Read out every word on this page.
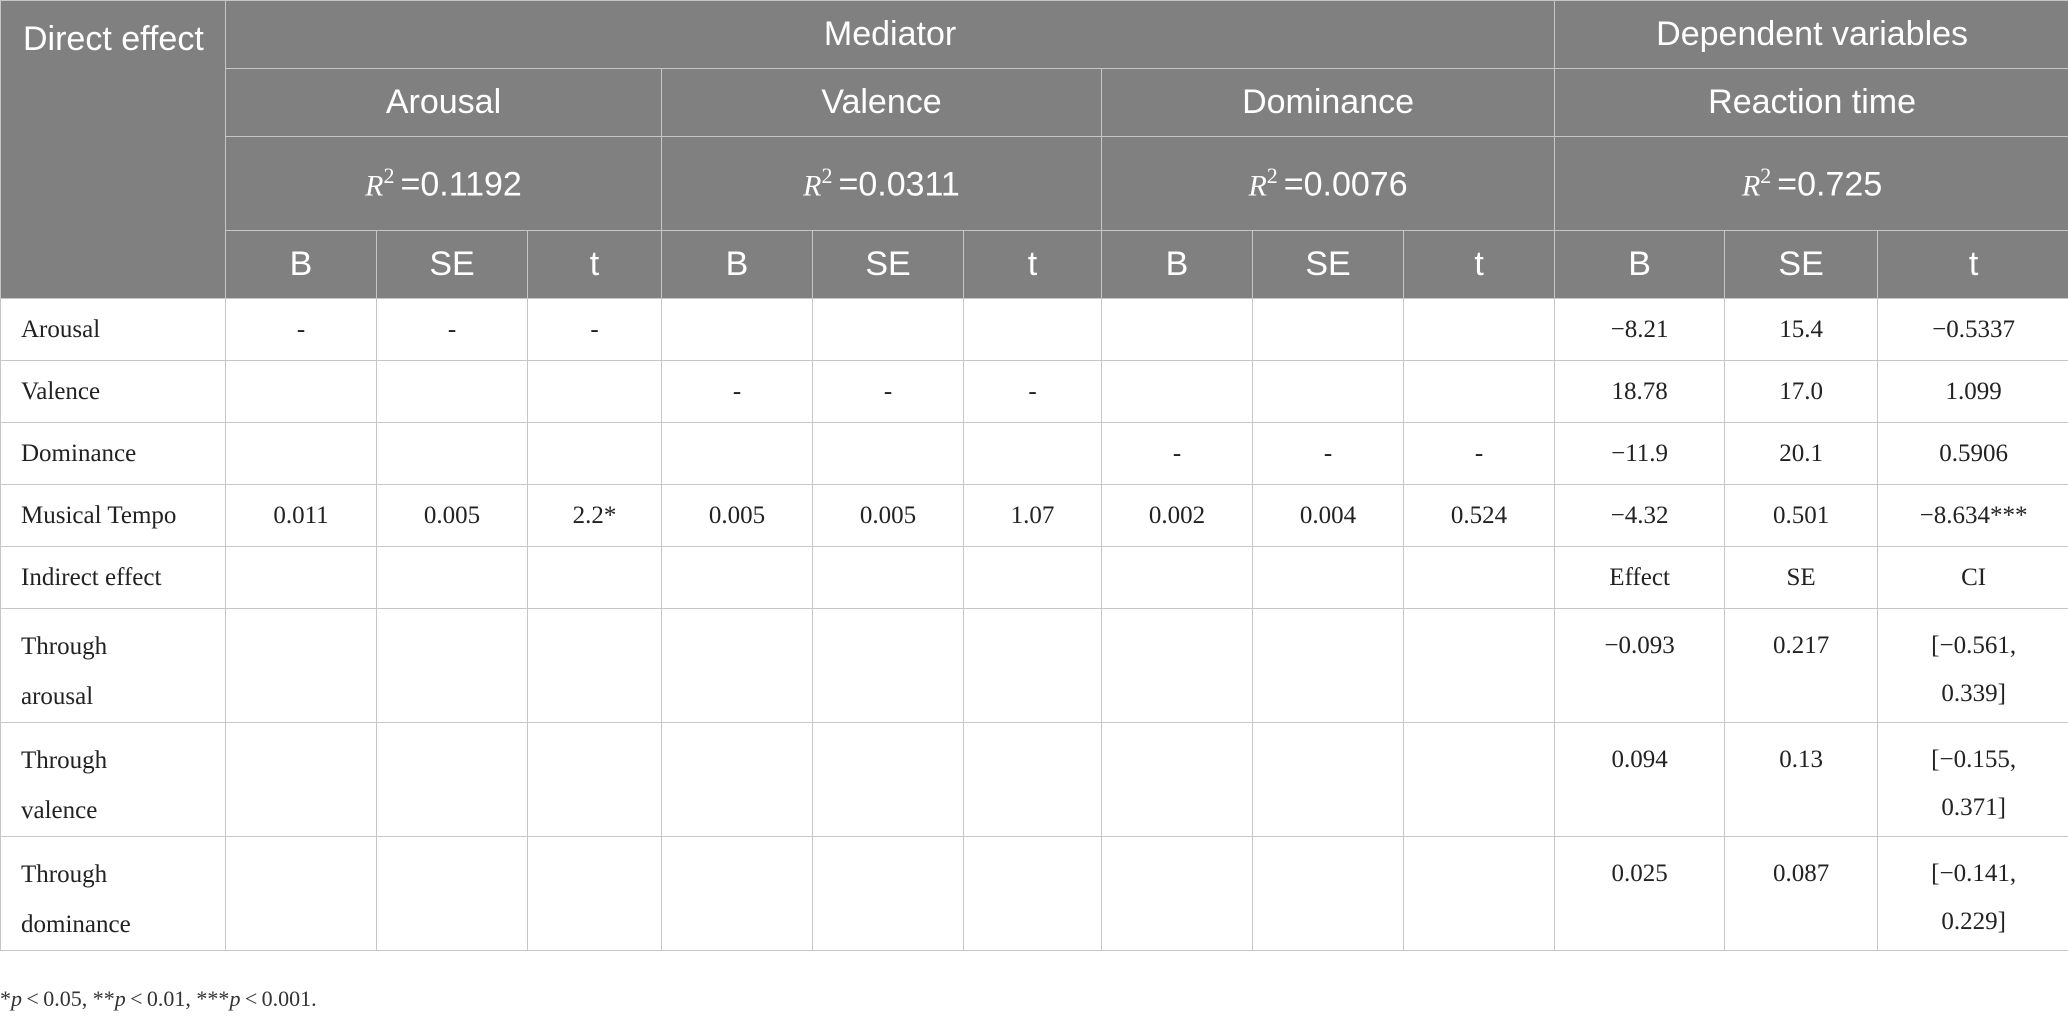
Direct effect	Mediator									Dependent variables		
	Arousal			Valence			Dominance			Reaction time		
	$R^2 =0.1192$			$R^2 =0.0311$			$R^2 =0.0076$			$R^2 =0.725$		
	B	SE	t	B	SE	t	B	SE	t	B	SE	t
Arousal	-	-	-							−8.21	15.4	−0.5337
Valence				-	-	-				18.78	17.0	1.099
Dominance							-	-	-	−11.9	20.1	0.5906
Musical Tempo	0.011	0.005	2.2*	0.005	0.005	1.07	0.002	0.004	0.524	−4.32	0.501	−8.634***
Indirect effect										Effect	SE	CI
Through
arousal										−0.093	0.217	[−0.561,
0.339]
Through
valence										0.094	0.13	[−0.155,
0.371]
Through
dominance										0.025	0.087	[−0.141,
0.229]
*p < 0.05, **p < 0.01, ***p < 0.001.
